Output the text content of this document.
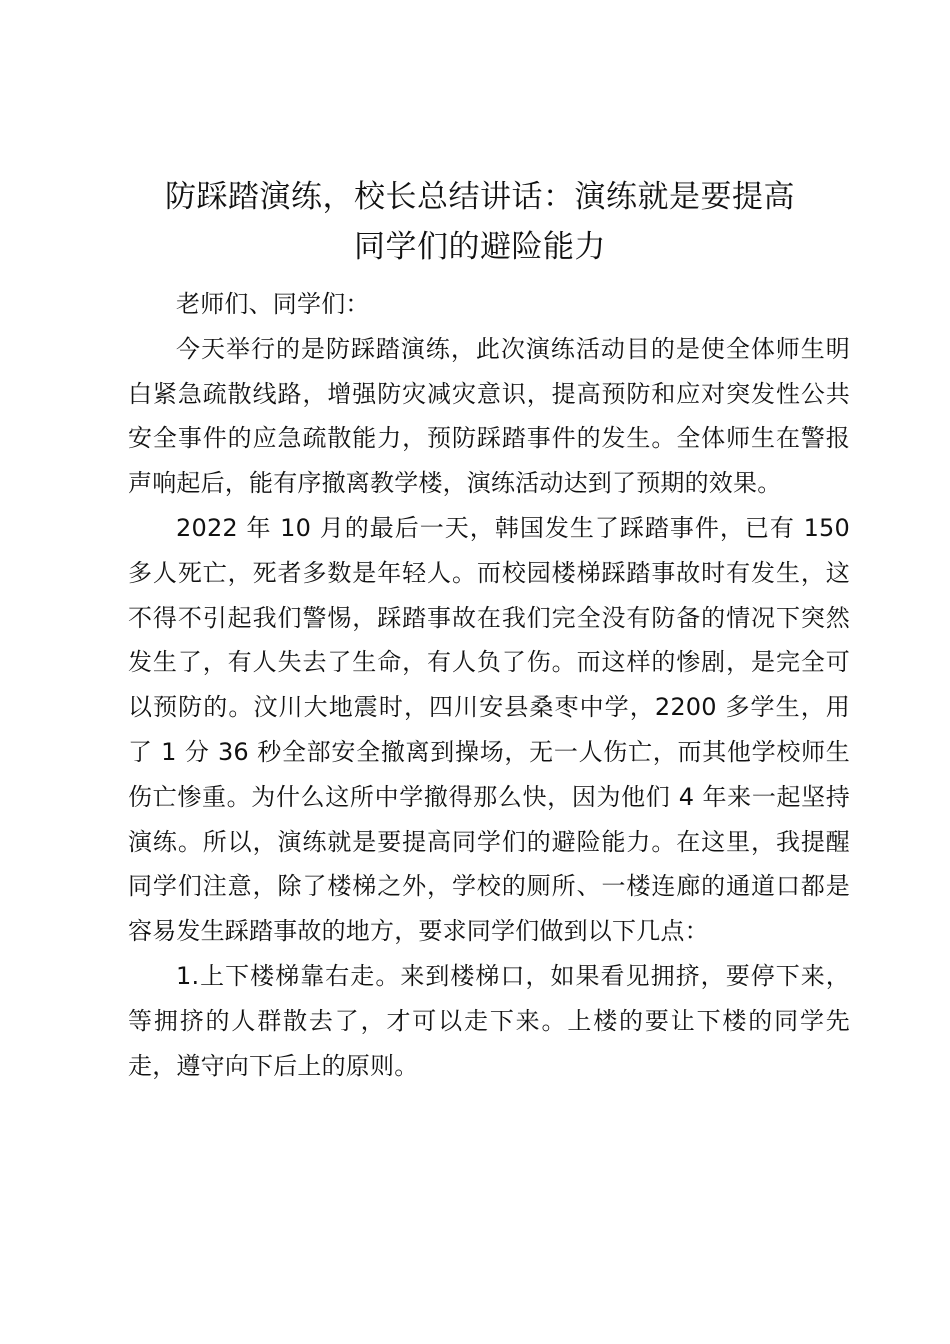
防踩踏演练，校长总结讲话：演练就是要提高
同学们的避险能力

老师们、同学们：

今天举行的是防踩踏演练，此次演练活动目的是使全体师生明白紧急疏散线路，增强防灾减灾意识，提高预防和应对突发性公共安全事件的应急疏散能力，预防踩踏事件的发生。全体师生在警报声响起后，能有序撤离教学楼，演练活动达到了预期的效果。

2022 年 10 月的最后一天，韩国发生了踩踏事件，已有 150 多人死亡，死者多数是年轻人。而校园楼梯踩踏事故时有发生，这不得不引起我们警惕，踩踏事故在我们完全没有防备的情况下突然发生了，有人失去了生命，有人负了伤。而这样的惨剧，是完全可以预防的。汶川大地震时，四川安县桑枣中学，2200 多学生，用了 1 分 36 秒全部安全撤离到操场，无一人伤亡，而其他学校师生伤亡惨重。为什么这所中学撤得那么快，因为他们 4 年来一起坚持演练。所以，演练就是要提高同学们的避险能力。在这里，我提醒同学们注意，除了楼梯之外，学校的厕所、一楼连廊的通道口都是容易发生踩踏事故的地方，要求同学们做到以下几点：

1.上下楼梯靠右走。来到楼梯口，如果看见拥挤，要停下来，等拥挤的人群散去了，才可以走下来。上楼的要让下楼的同学先走，遵守向下后上的原则。
